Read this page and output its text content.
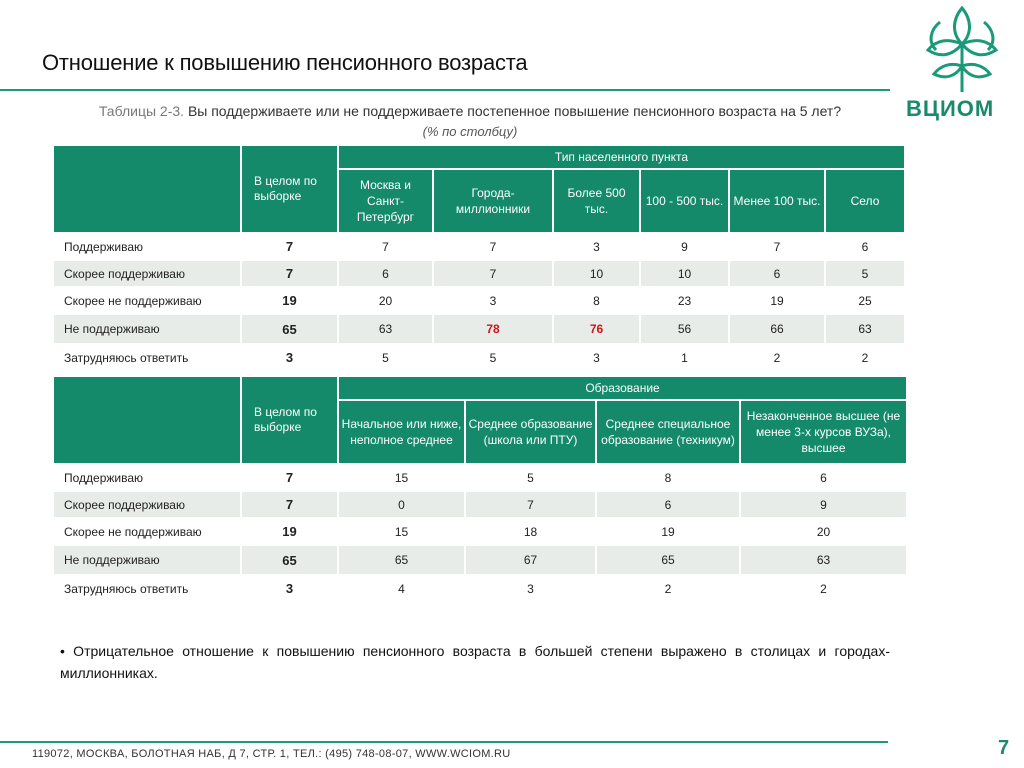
Отношение к повышению пенсионного возраста
ВЦИОМ
Таблицы 2-3. Вы поддерживаете или не поддерживаете постепенное повышение пенсионного возраста на 5 лет?
(% по столбцу)
	В целом по выборке	Тип населенного пункта					
		Москва и Санкт-Петербург	Города-миллионники	Более 500 тыс.	100 - 500 тыс.	Менее 100 тыс.	Село
Поддерживаю	7	7	7	3	9	7	6
Скорее поддерживаю	7	6	7	10	10	6	5
Скорее не поддерживаю	19	20	3	8	23	19	25
Не поддерживаю	65	63	78	76	56	66	63
Затрудняюсь ответить	3	5	5	3	1	2	2
	В целом по выборке	Образование			
		Начальное или ниже, неполное среднее	Среднее образование (школа или ПТУ)	Среднее специальное образование (техникум)	Незаконченное высшее (не менее 3-х курсов ВУЗа), высшее
Поддерживаю	7	15	5	8	6
Скорее поддерживаю	7	0	7	6	9
Скорее не поддерживаю	19	15	18	19	20
Не поддерживаю	65	65	67	65	63
Затрудняюсь ответить	3	4	3	2	2
• Отрицательное отношение к повышению пенсионного возраста в большей степени выражено в столицах и городах-миллионниках.
119072, МОСКВА, БОЛОТНАЯ НАБ, Д 7, СТР. 1, ТЕЛ.: (495) 748-08-07, WWW.WCIOM.RU	7
